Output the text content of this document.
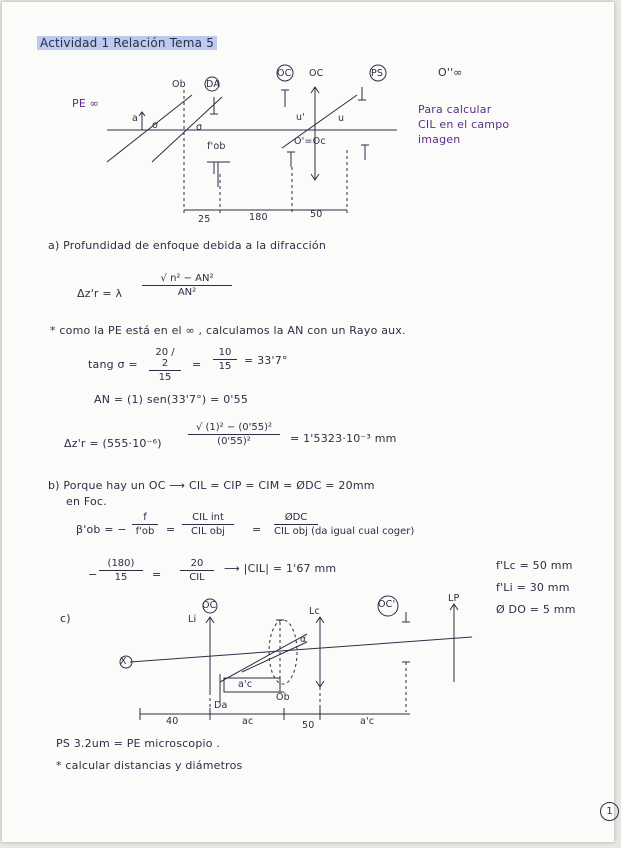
Actividad 1 Relación Tema 5
PE ∞
Ob DA
OC OC	PS	O''∞
σ	σ
a	u'	u
f'ob	O'=Oc
25	180	50
Para calcular
CIL en el campo
imagen
a) Profundidad de enfoque debida a la difracción
Δz'r = λ $\frac{\text{√ n² − AN²}}{\text{AN²}}$
* como la PE está en el ∞ , calculamos la AN con un Rayo aux.
tang $\sigma = \frac{20 / 2}{15} = \frac{10}{15} = 33'7^\circ$
AN = (1) sen(33'7°) = 0'55
Δz'r = (555·10⁻⁶)	$\frac{\text{√ (1)² − (0'55)²}}{\text{(0'55)²}} = 1'5323\cdot 10^{-3}$ mm
b) Porque hay un OC ⟶ CIL = CIP = CIM = ØDC = 20mm
en Foc.
β'ob = − $\frac{f}{f'ob}$ =
CIL int
CIL obj	=
ØDC
CIL obj (da igual cual coger)
− $\frac{(180)}{15}$ =
20
CIL
⟶ |CIL| = 1'67 mm	f'Lc = 50 mm
f'Li = 30 mm
Ø DO = 5 mm
c)
X
Li
OC
Lc
OC'
LP
α
a'c
Ob
Da
40	ac	50	a'c
PS 3.2um = PE microscopio .
* calcular distancias y diámetros
1
